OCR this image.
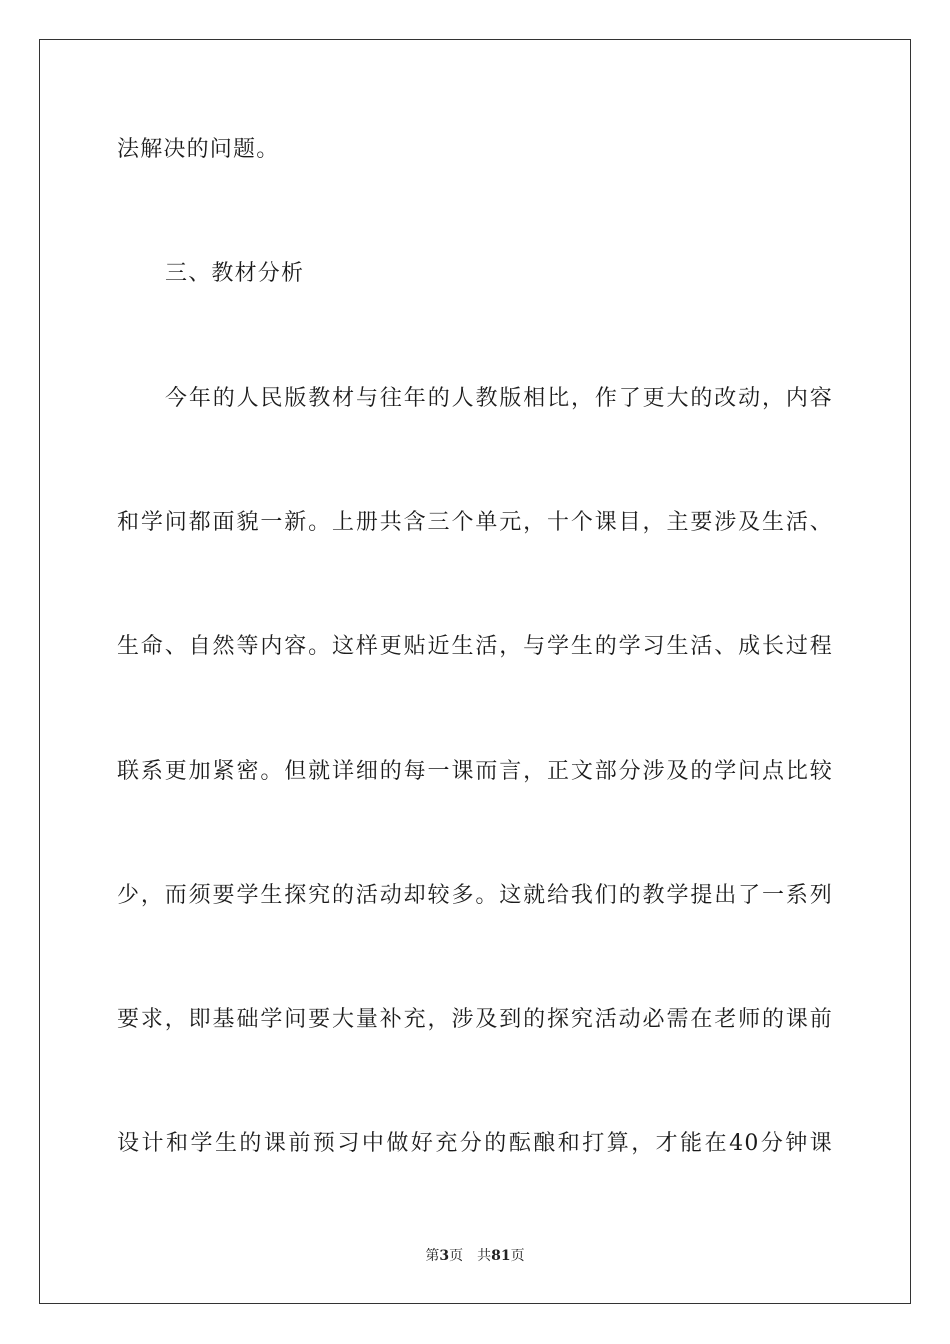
法解决的问题。
三、教材分析
今年的人民版教材与往年的人教版相比，作了更大的改动，内容
和学问都面貌一新。上册共含三个单元，十个课目，主要涉及生活、
生命、自然等内容。这样更贴近生活，与学生的学习生活、成长过程
联系更加紧密。但就详细的每一课而言，正文部分涉及的学问点比较
少，而须要学生探究的活动却较多。这就给我们的教学提出了一系列
要求，即基础学问要大量补充，涉及到的探究活动必需在老师的课前
设计和学生的课前预习中做好充分的酝酿和打算，才能在40分钟课
第3页 共81页
